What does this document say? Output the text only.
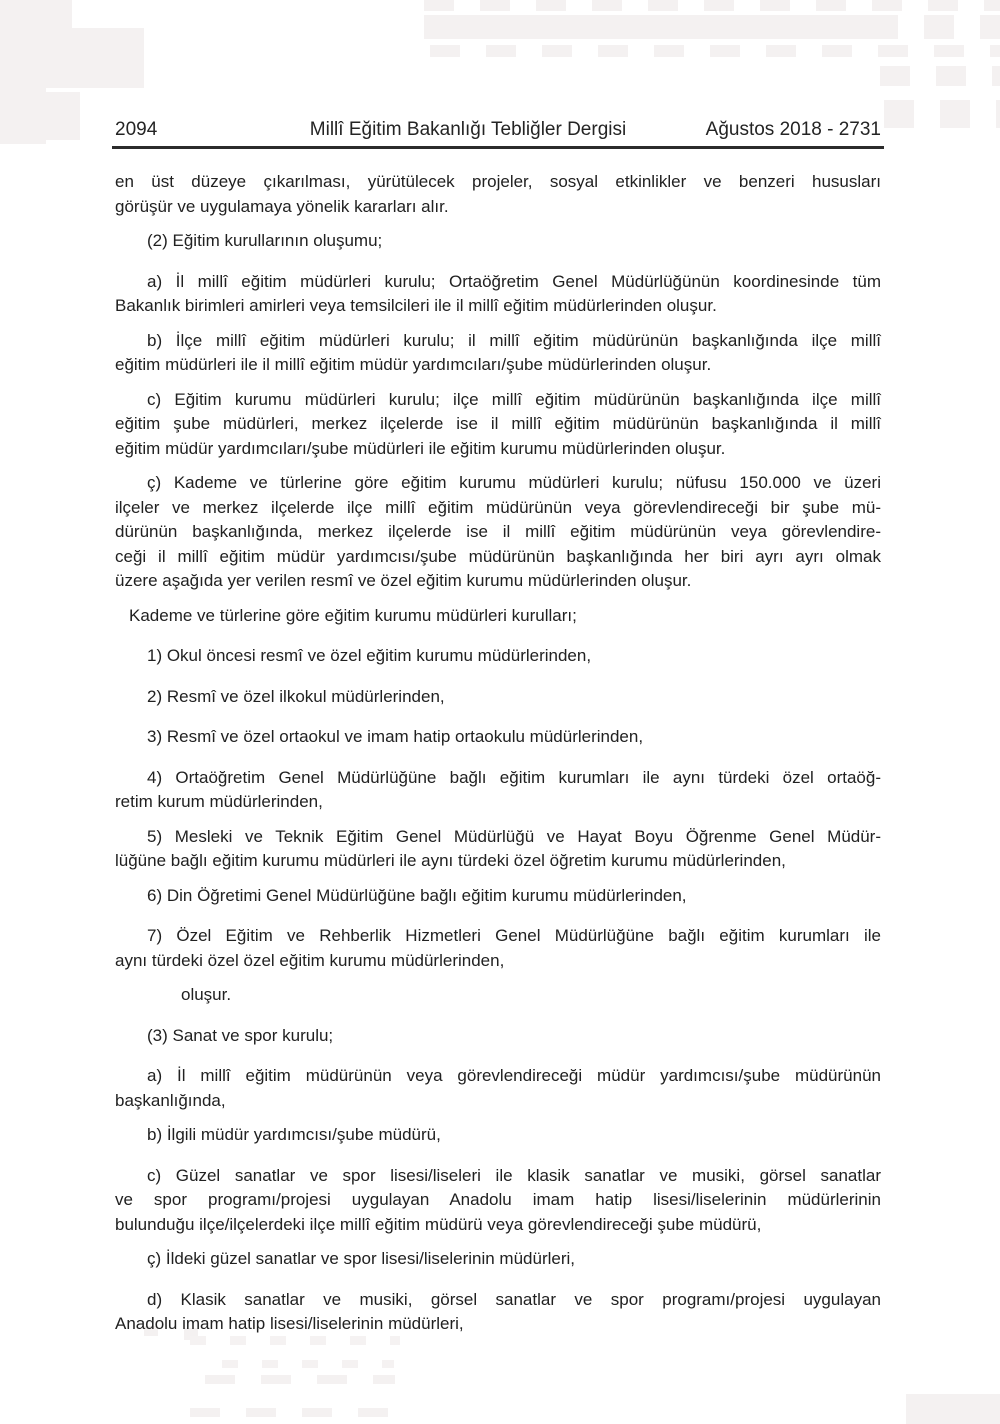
2094	Millî Eğitim Bakanlığı Tebliğler Dergisi	Ağustos 2018 - 2731

en üst düzeye çıkarılması, yürütülecek projeler, sosyal etkinlikler ve benzeri hususları
görüşür ve uygulamaya yönelik kararları alır.

(2) Eğitim kurullarının oluşumu;

a) İl millî eğitim müdürleri kurulu; Ortaöğretim Genel Müdürlüğünün koordinesinde tüm
Bakanlık birimleri amirleri veya temsilcileri ile il millî eğitim müdürlerinden oluşur.

b) İlçe millî eğitim müdürleri kurulu; il millî eğitim müdürünün başkanlığında ilçe millî
eğitim müdürleri ile il millî eğitim müdür yardımcıları/şube müdürlerinden oluşur.

c) Eğitim kurumu müdürleri kurulu; ilçe millî eğitim müdürünün başkanlığında ilçe millî
eğitim şube müdürleri, merkez ilçelerde ise il millî eğitim müdürünün başkanlığında il millî
eğitim müdür yardımcıları/şube müdürleri ile eğitim kurumu müdürlerinden oluşur.

ç) Kademe ve türlerine göre eğitim kurumu müdürleri kurulu; nüfusu 150.000 ve üzeri
ilçeler ve merkez ilçelerde ilçe millî eğitim müdürünün veya görevlendireceği bir şube mü-
dürünün başkanlığında, merkez ilçelerde ise il millî eğitim müdürünün veya görevlendire-
ceği il millî eğitim müdür yardımcısı/şube müdürünün başkanlığında her biri ayrı ayrı olmak
üzere aşağıda yer verilen resmî ve özel eğitim kurumu müdürlerinden oluşur.

Kademe ve türlerine göre eğitim kurumu müdürleri kurulları;

1) Okul öncesi resmî ve özel eğitim kurumu müdürlerinden,

2) Resmî ve özel ilkokul müdürlerinden,

3) Resmî ve özel ortaokul ve imam hatip ortaokulu müdürlerinden,

4) Ortaöğretim Genel Müdürlüğüne bağlı eğitim kurumları ile aynı türdeki özel ortaöğ-
retim kurum müdürlerinden,

5) Mesleki ve Teknik Eğitim Genel Müdürlüğü ve Hayat Boyu Öğrenme Genel Müdür-
lüğüne bağlı eğitim kurumu müdürleri ile aynı türdeki özel öğretim kurumu müdürlerinden,

6) Din Öğretimi Genel Müdürlüğüne bağlı eğitim kurumu müdürlerinden,

7) Özel Eğitim ve Rehberlik Hizmetleri Genel Müdürlüğüne bağlı eğitim kurumları ile
aynı türdeki özel özel eğitim kurumu müdürlerinden,

oluşur.

(3) Sanat ve spor kurulu;

a) İl millî eğitim müdürünün veya görevlendireceği müdür yardımcısı/şube müdürünün
başkanlığında,

b) İlgili müdür yardımcısı/şube müdürü,

c) Güzel sanatlar ve spor lisesi/liseleri ile klasik sanatlar ve musiki, görsel sanatlar
ve spor programı/projesi uygulayan Anadolu imam hatip lisesi/liselerinin müdürlerinin
bulunduğu ilçe/ilçelerdeki ilçe millî eğitim müdürü veya görevlendireceği şube müdürü,

ç) İldeki güzel sanatlar ve spor lisesi/liselerinin müdürleri,

d) Klasik sanatlar ve musiki, görsel sanatlar ve spor programı/projesi uygulayan
Anadolu imam hatip lisesi/liselerinin müdürleri,
